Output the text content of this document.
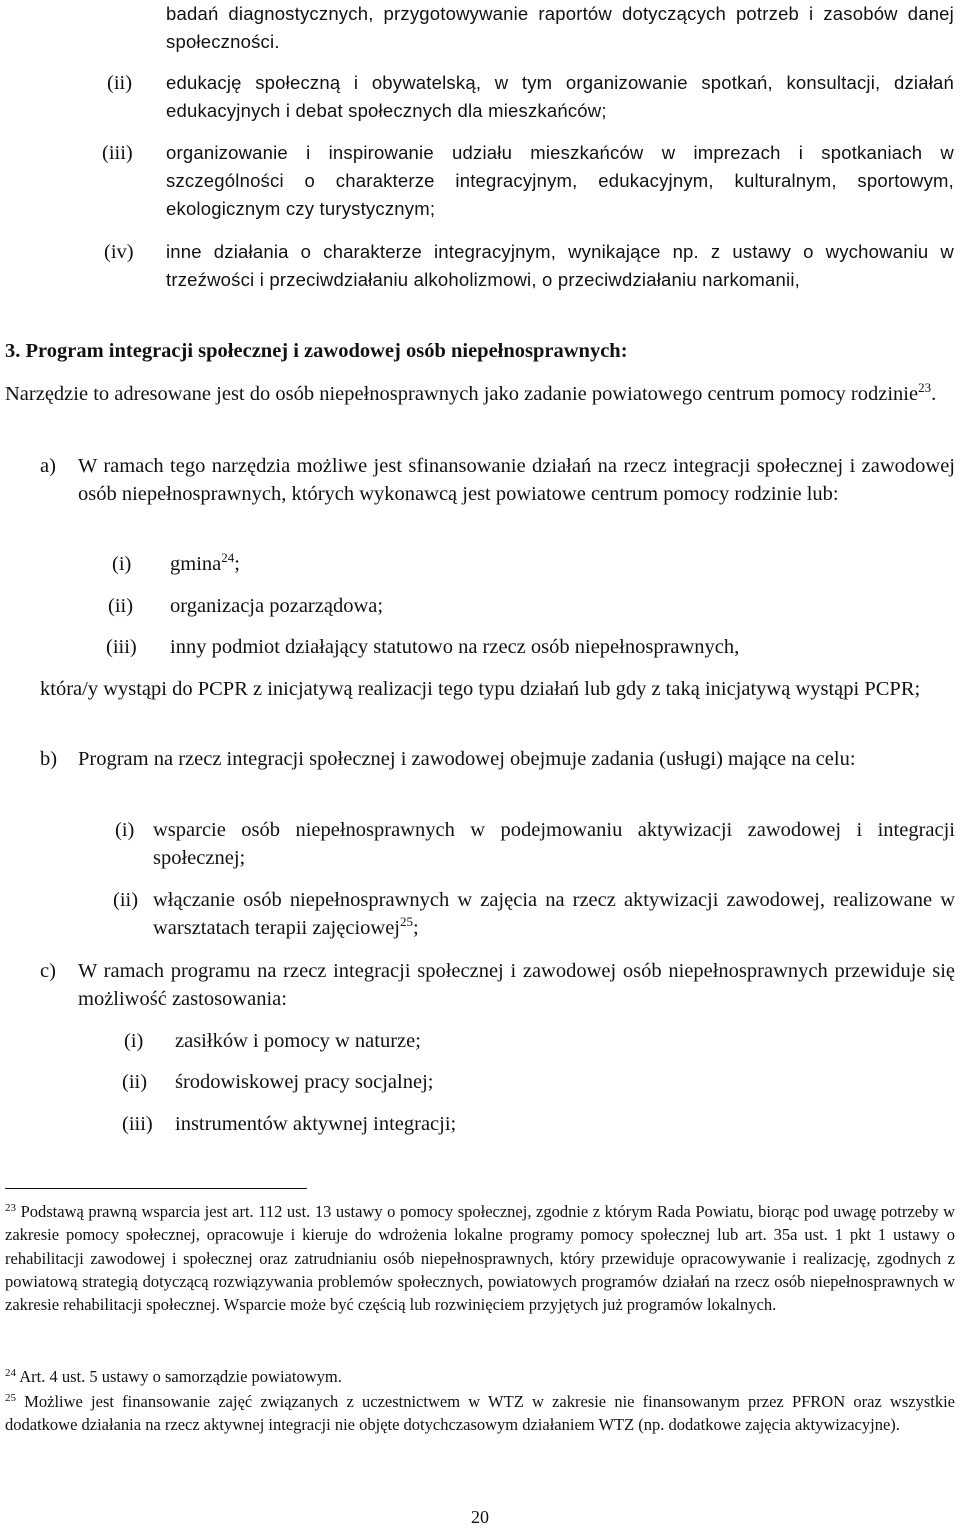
badań diagnostycznych, przygotowywanie raportów dotyczących potrzeb i zasobów danej społeczności.
(ii) edukację społeczną i obywatelską, w tym organizowanie spotkań, konsultacji, działań edukacyjnych i debat społecznych dla mieszkańców;
(iii) organizowanie i inspirowanie udziału mieszkańców w imprezach i spotkaniach w szczególności o charakterze integracyjnym, edukacyjnym, kulturalnym, sportowym, ekologicznym czy turystycznym;
(iv) inne działania o charakterze integracyjnym, wynikające np. z ustawy o wychowaniu w trzeźwości i przeciwdziałaniu alkoholizmowi, o przeciwdziałaniu narkomanii,
3. Program integracji społecznej i zawodowej osób niepełnosprawnych:
Narzędzie to adresowane jest do osób niepełnosprawnych jako zadanie powiatowego centrum pomocy rodzinie$^{23}$.
a) W ramach tego narzędzia możliwe jest sfinansowanie działań na rzecz integracji społecznej i zawodowej osób niepełnosprawnych, których wykonawcą jest powiatowe centrum pomocy rodzinie lub:
(i) gmina$^{24}$;
(ii) organizacja pozarządowa;
(iii) inny podmiot działający statutowo na rzecz osób niepełnosprawnych,
która/y wystąpi do PCPR z inicjatywą realizacji tego typu działań lub gdy z taką inicjatywą wystąpi PCPR;
b) Program na rzecz integracji społecznej i zawodowej obejmuje zadania (usługi) mające na celu:
(i) wsparcie osób niepełnosprawnych w podejmowaniu aktywizacji zawodowej i integracji społecznej;
(ii) włączanie osób niepełnosprawnych w zajęcia na rzecz aktywizacji zawodowej, realizowane w warsztatach terapii zajęciowej$^{25}$;
c) W ramach programu na rzecz integracji społecznej i zawodowej osób niepełnosprawnych przewiduje się możliwość zastosowania:
(i) zasiłków i pomocy w naturze;
(ii) środowiskowej pracy socjalnej;
(iii) instrumentów aktywnej integracji;
$^{23}$ Podstawą prawną wsparcia jest art. 112 ust. 13 ustawy o pomocy społecznej, zgodnie z którym Rada Powiatu, biorąc pod uwagę potrzeby w zakresie pomocy społecznej, opracowuje i kieruje do wdrożenia lokalne programy pomocy społecznej lub art. 35a ust. 1 pkt 1 ustawy o rehabilitacji zawodowej i społecznej oraz zatrudnianiu osób niepełnosprawnych, który przewiduje opracowywanie i realizację, zgodnych z powiatową strategią dotyczącą rozwiązywania problemów społecznych, powiatowych programów działań na rzecz osób niepełnosprawnych w zakresie rehabilitacji społecznej. Wsparcie może być częścią lub rozwinięciem przyjętych już programów lokalnych.
$^{24}$ Art. 4 ust. 5 ustawy o samorządzie powiatowym.
$^{25}$ Możliwe jest finansowanie zajęć związanych z uczestnictwem w WTZ w zakresie nie finansowanym przez PFRON oraz wszystkie dodatkowe działania na rzecz aktywnej integracji nie objęte dotychczasowym działaniem WTZ (np. dodatkowe zajęcia aktywizacyjne).
20
